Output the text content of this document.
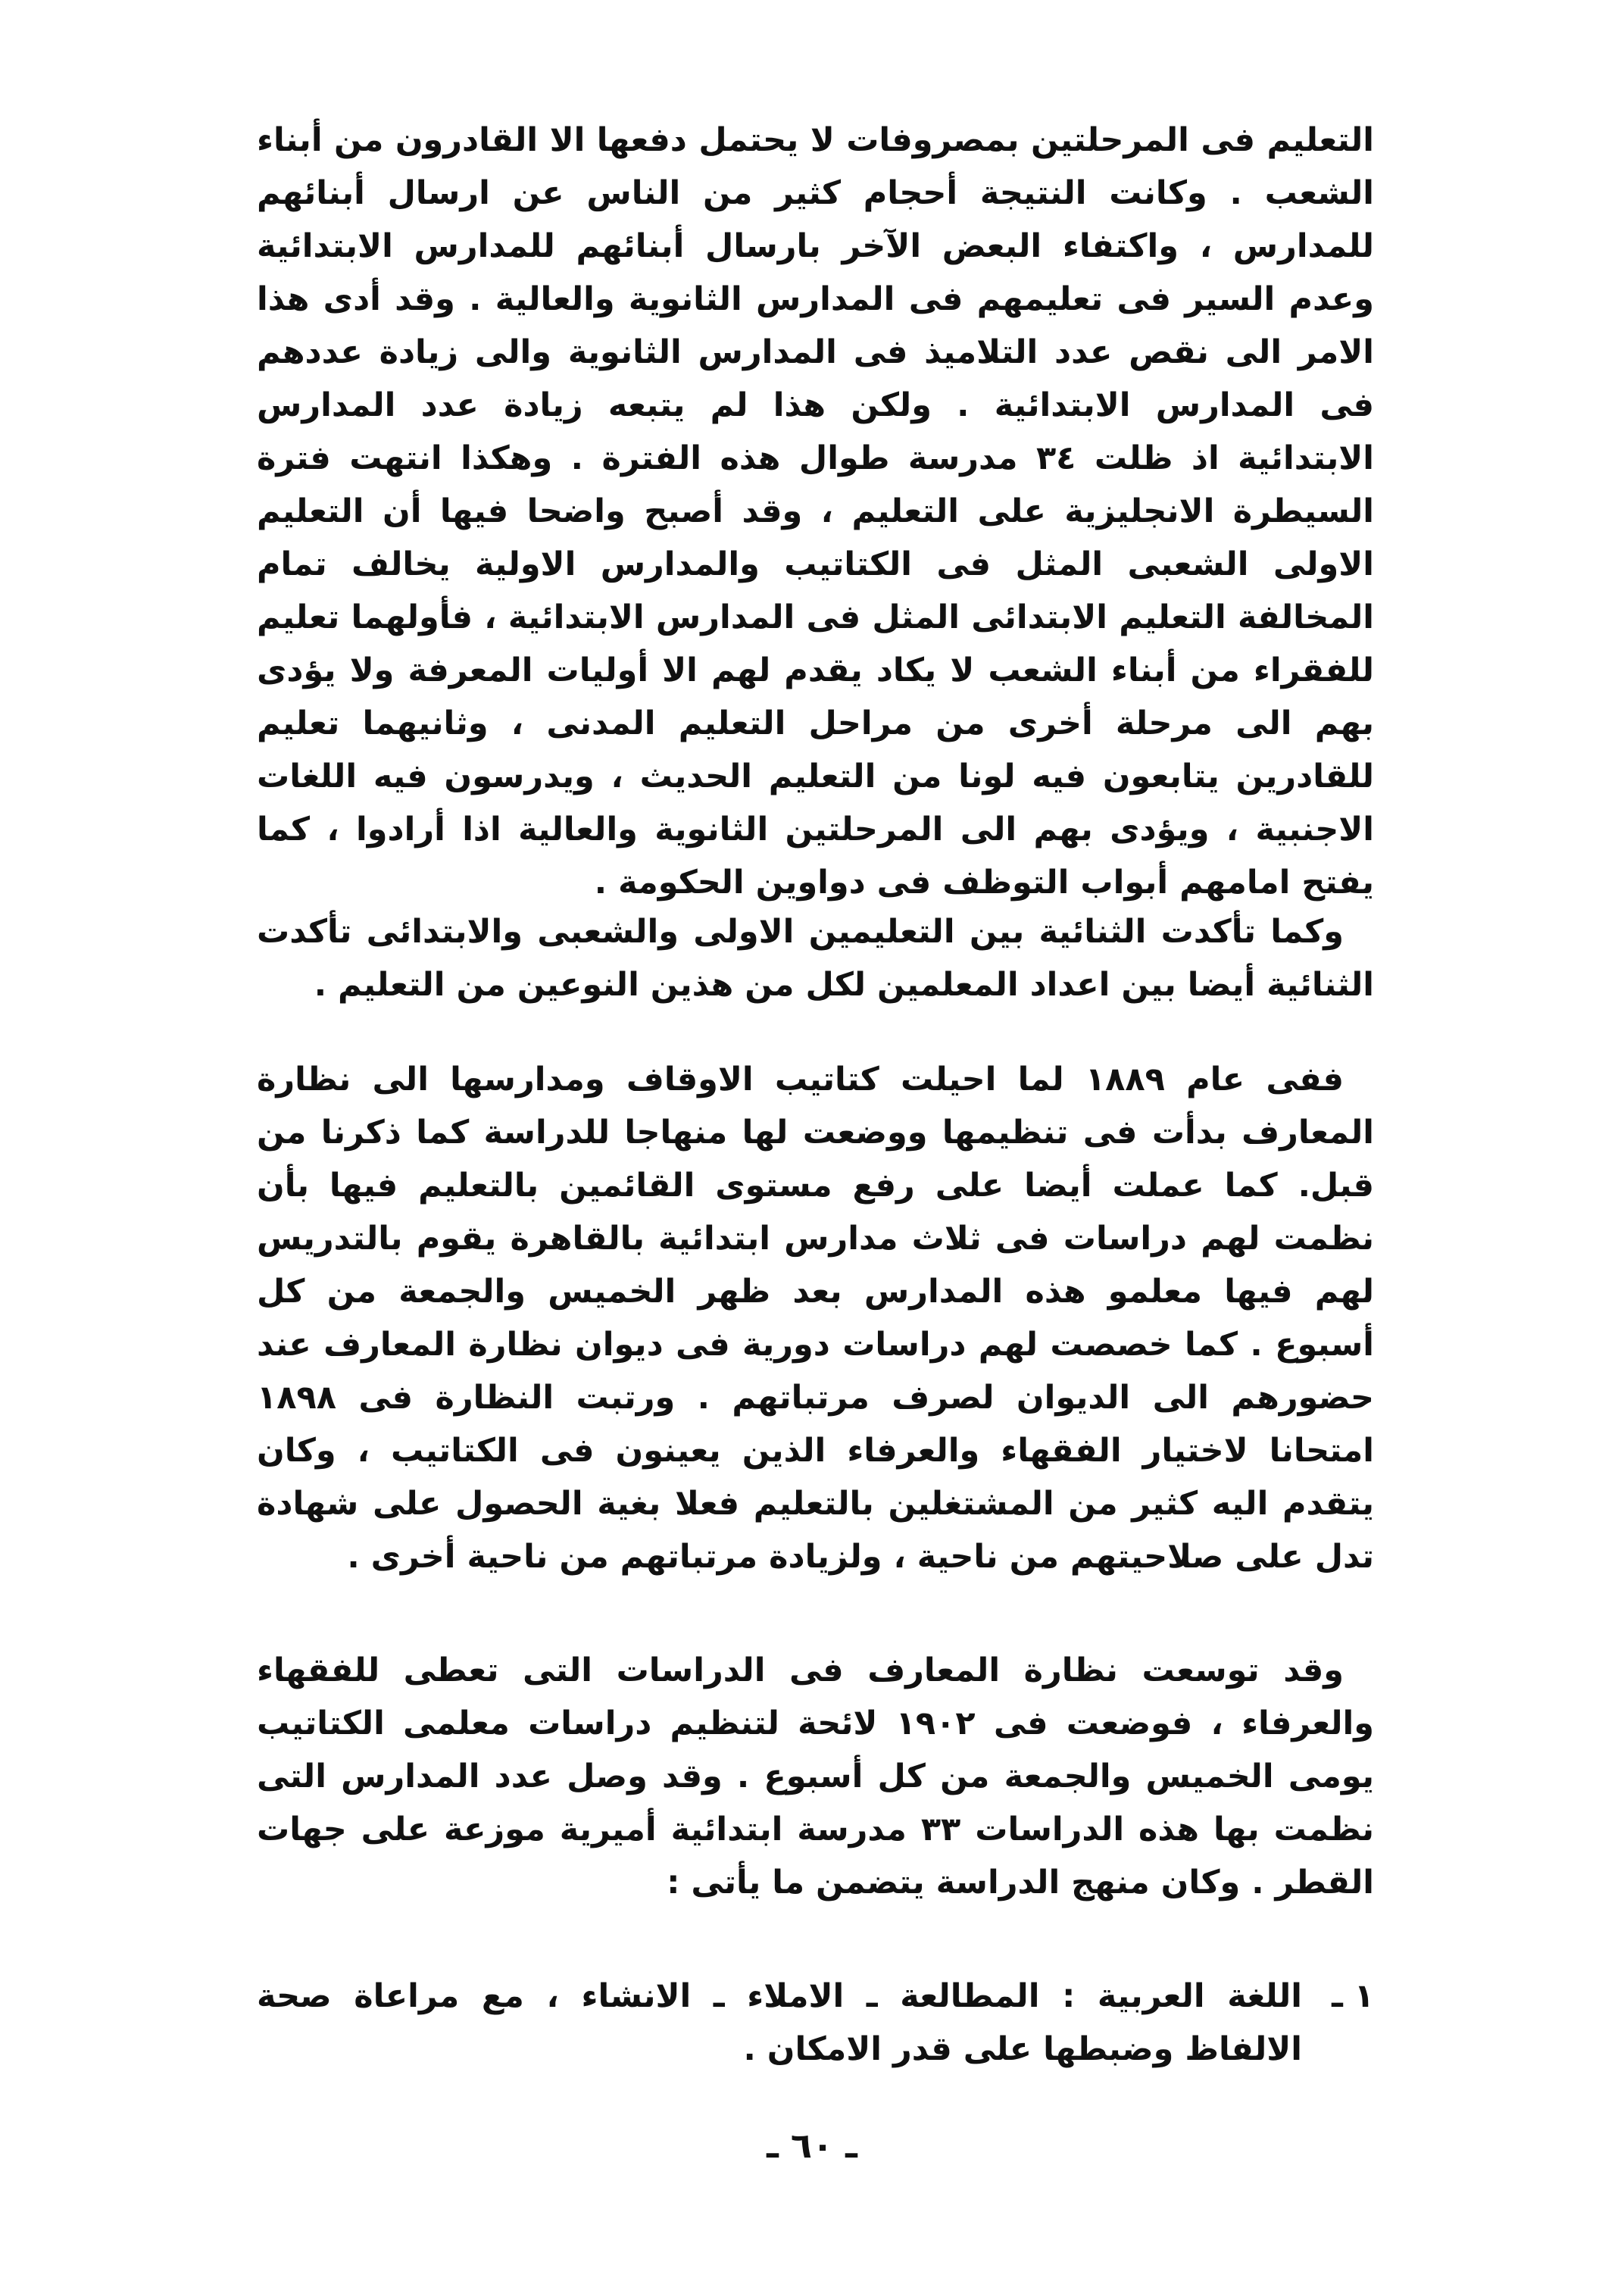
التعليم فى المرحلتين بمصروفات لا يحتمل دفعها الا القادرون من أبناء الشعب . وكانت النتيجة أحجام كثير من الناس عن ارسال أبنائهم للمدارس ، واكتفاء البعض الآخر بارسال أبنائهم للمدارس الابتدائية وعدم السير فى تعليمهم فى المدارس الثانوية والعالية . وقد أدى هذا الامر الى نقص عدد التلاميذ فى المدارس الثانوية والى زيادة عددهم فى المدارس الابتدائية . ولكن هذا لم يتبعه زيادة عدد المدارس الابتدائية اذ ظلت ٣٤ مدرسة طوال هذه الفترة . وهكذا انتهت فترة السيطرة الانجليزية على التعليم ، وقد أصبح واضحا فيها أن التعليم الاولى الشعبى المثل فى الكتاتيب والمدارس الاولية يخالف تمام المخالفة التعليم الابتدائى المثل فى المدارس الابتدائية ، فأولهما تعليم للفقراء من أبناء الشعب لا يكاد يقدم لهم الا أوليات المعرفة ولا يؤدى بهم الى مرحلة أخرى من مراحل التعليم المدنى ، وثانيهما تعليم للقادرين يتابعون فيه لونا من التعليم الحديث ، ويدرسون فيه اللغات الاجنبية ، ويؤدى بهم الى المرحلتين الثانوية والعالية اذا أرادوا ، كما يفتح امامهم أبواب التوظف فى دواوين الحكومة .

وكما تأكدت الثنائية بين التعليمين الاولى والشعبى والابتدائى تأكدت الثنائية أيضا بين اعداد المعلمين لكل من هذين النوعين من التعليم .

ففى عام ١٨٨٩ لما احيلت كتاتيب الاوقاف ومدارسها الى نظارة المعارف بدأت فى تنظيمها ووضعت لها منهاجا للدراسة كما ذكرنا من قبل. كما عملت أيضا على رفع مستوى القائمين بالتعليم فيها بأن نظمت لهم دراسات فى ثلاث مدارس ابتدائية بالقاهرة يقوم بالتدريس لهم فيها معلمو هذه المدارس بعد ظهر الخميس والجمعة من كل أسبوع . كما خصصت لهم دراسات دورية فى ديوان نظارة المعارف عند حضورهم الى الديوان لصرف مرتباتهم . ورتبت النظارة فى ١٨٩٨ امتحانا لاختيار الفقهاء والعرفاء الذين يعينون فى الكتاتيب ، وكان يتقدم اليه كثير من المشتغلين بالتعليم فعلا بغية الحصول على شهادة تدل على صلاحيتهم من ناحية ، ولزيادة مرتباتهم من ناحية أخرى .

وقد توسعت نظارة المعارف فى الدراسات التى تعطى للفقهاء والعرفاء ، فوضعت فى ١٩٠٢ لائحة لتنظيم دراسات معلمى الكتاتيب يومى الخميس والجمعة من كل أسبوع . وقد وصل عدد المدارس التى نظمت بها هذه الدراسات ٣٣ مدرسة ابتدائية أميرية موزعة على جهات القطر . وكان منهج الدراسة يتضمن ما يأتى :

١ ـ
اللغة العربية : المطالعة ـ الاملاء ـ الانشاء ، مع مراعاة صحة الالفاظ وضبطها على قدر الامكان .
ـ ٦٠ ـ
